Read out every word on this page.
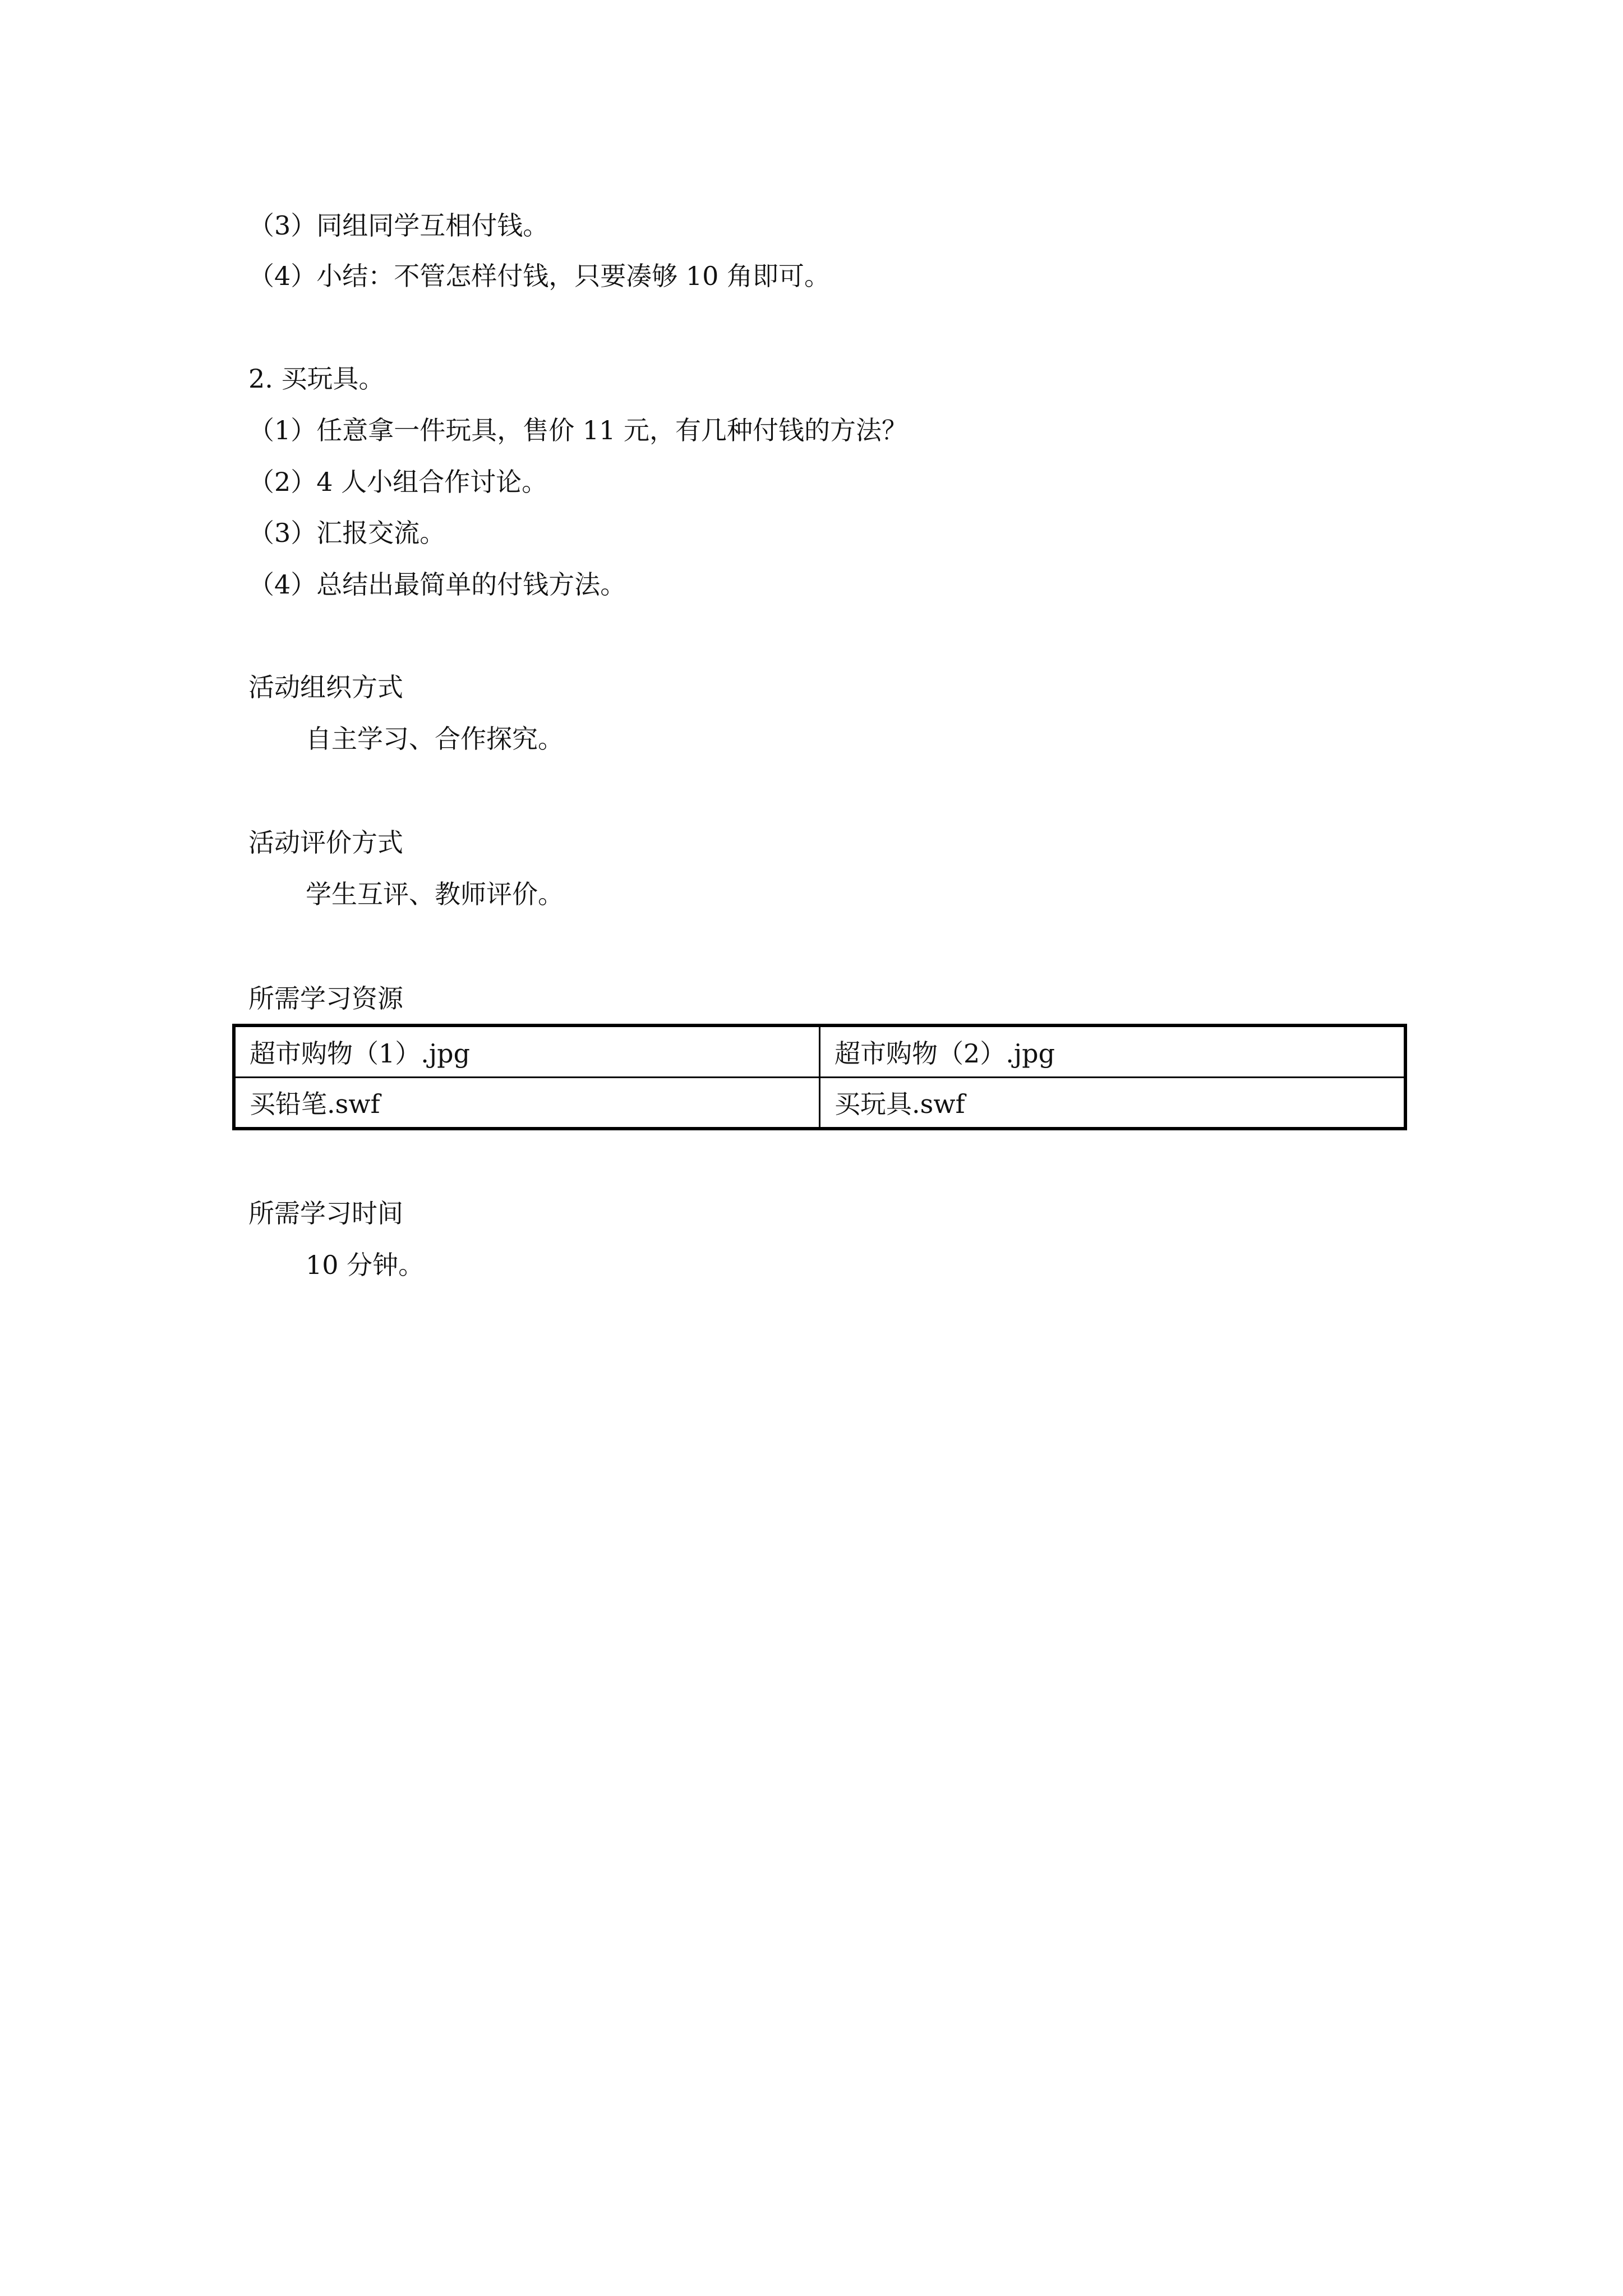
（3）同组同学互相付钱。
（4）小结：不管怎样付钱，只要凑够 10 角即可。
2. 买玩具。
（1）任意拿一件玩具，售价 11 元，有几种付钱的方法？
（2）4 人小组合作讨论。
（3）汇报交流。
（4）总结出最简单的付钱方法。
活动组织方式
自主学习、合作探究。
活动评价方式
学生互评、教师评价。
所需学习资源
超市购物（1）.jpg	超市购物（2）.jpg
买铅笔.swf	买玩具.swf
所需学习时间
10 分钟。
